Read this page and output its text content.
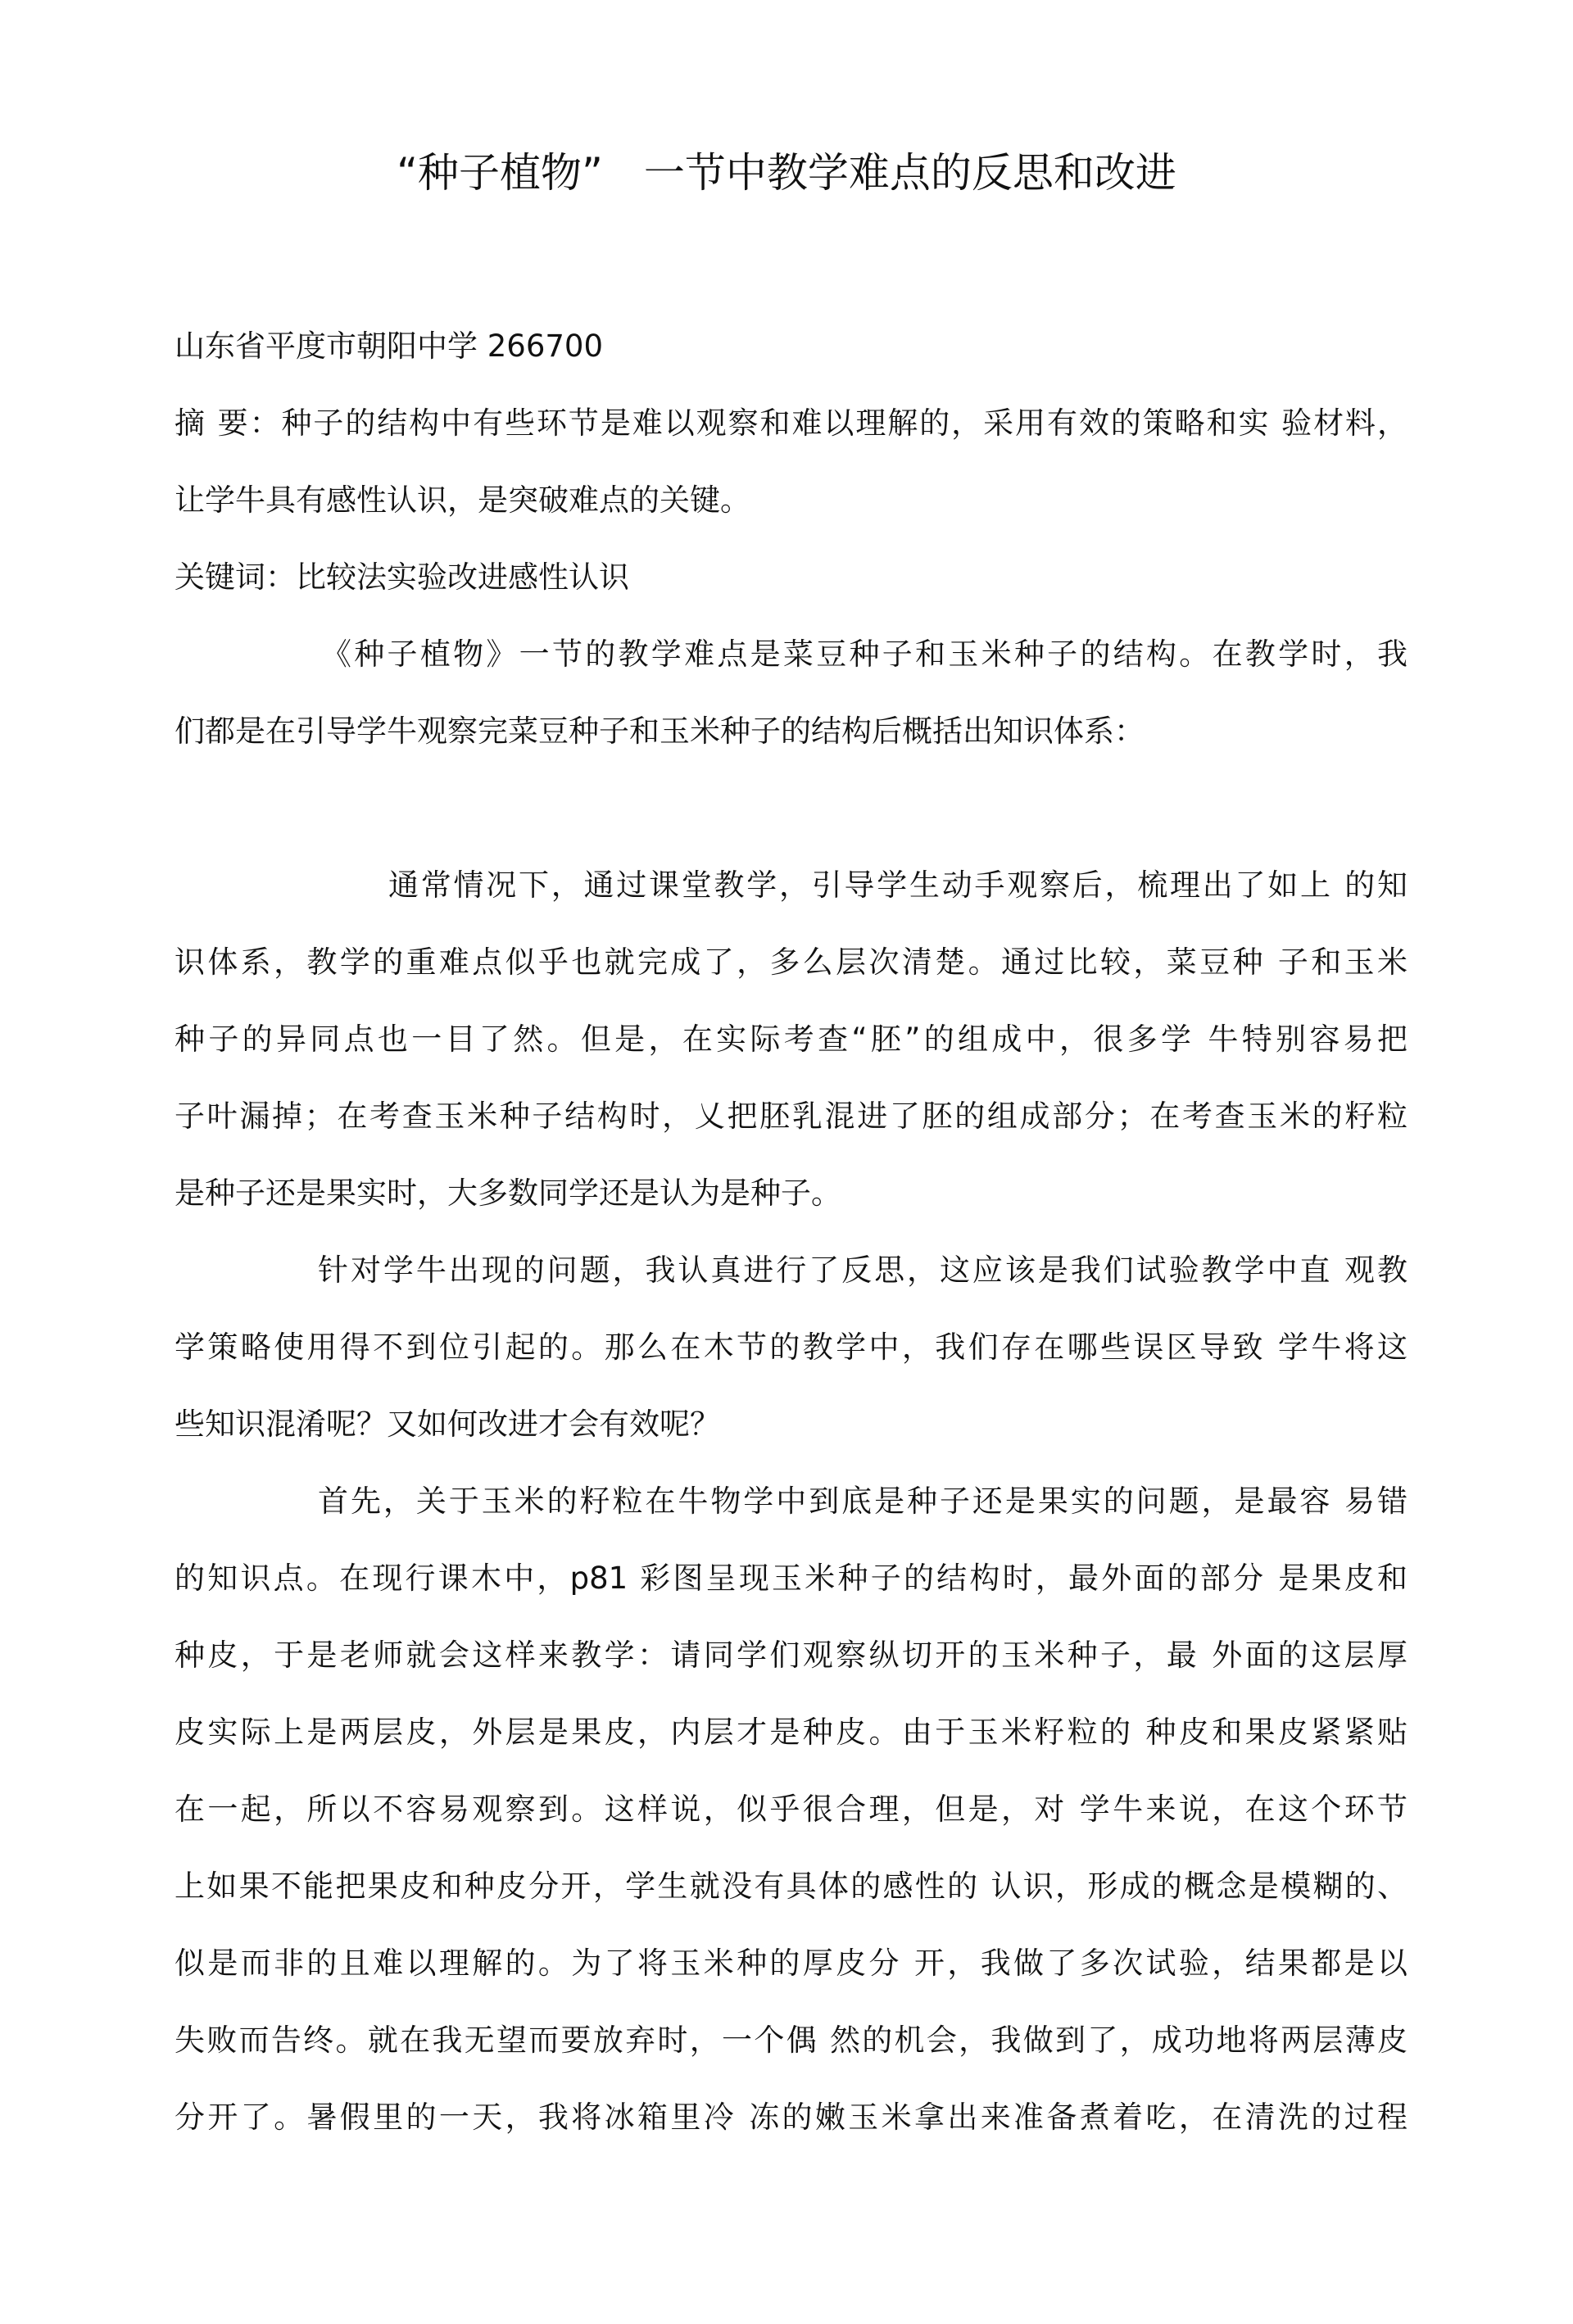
“种子植物”　一节中教学难点的反思和改进
山东省平度市朝阳中学 266700
摘 要：种子的结构中有些环节是难以观察和难以理解的，采用有效的策略和实 验材料，
让学牛具有感性认识，是突破难点的关键。
关键词：比较法实验改进感性认识
《种子植物》一节的教学难点是菜豆种子和玉米种子的结构。在教学时，我
们都是在引导学牛观察完菜豆种子和玉米种子的结构后概括出知识体系：
通常情况下，通过课堂教学，引导学生动手观察后，梳理出了如上 的知
识体系，教学的重难点似乎也就完成了，多么层次清楚。通过比较，菜豆种 子和玉米
种子的异同点也一目了然。但是，在实际考查“胚”的组成中，很多学 牛特别容易把
子叶漏掉；在考查玉米种子结构时，乂把胚乳混进了胚的组成部分；在考查玉米的籽粒
是种子还是果实时，大多数同学还是认为是种子。
针对学牛出现的问题，我认真进行了反思，这应该是我们试验教学中直 观教
学策略使用得不到位引起的。那么在木节的教学中，我们存在哪些误区导致 学牛将这
些知识混淆呢？又如何改进才会有效呢？
首先，关于玉米的籽粒在牛物学中到底是种子还是果实的问题，是最容 易错
的知识点。在现行课木中，p81 彩图呈现玉米种子的结构时，最外面的部分 是果皮和
种皮，于是老师就会这样来教学：请同学们观察纵切开的玉米种子，最 外面的这层厚
皮实际上是两层皮，外层是果皮，内层才是种皮。由于玉米籽粒的 种皮和果皮紧紧贴
在一起，所以不容易观察到。这样说，似乎很合理，但是，对 学牛来说，在这个环节
上如果不能把果皮和种皮分开，学生就没有具体的感性的 认识，形成的概念是模糊的、
似是而非的且难以理解的。为了将玉米种的厚皮分 开，我做了多次试验，结果都是以
失败而告终。就在我无望而要放弃时，一个偶 然的机会，我做到了，成功地将两层薄皮
分开了。暑假里的一天，我将冰箱里冷 冻的嫩玉米拿出来准备煮着吃，在清洗的过程
